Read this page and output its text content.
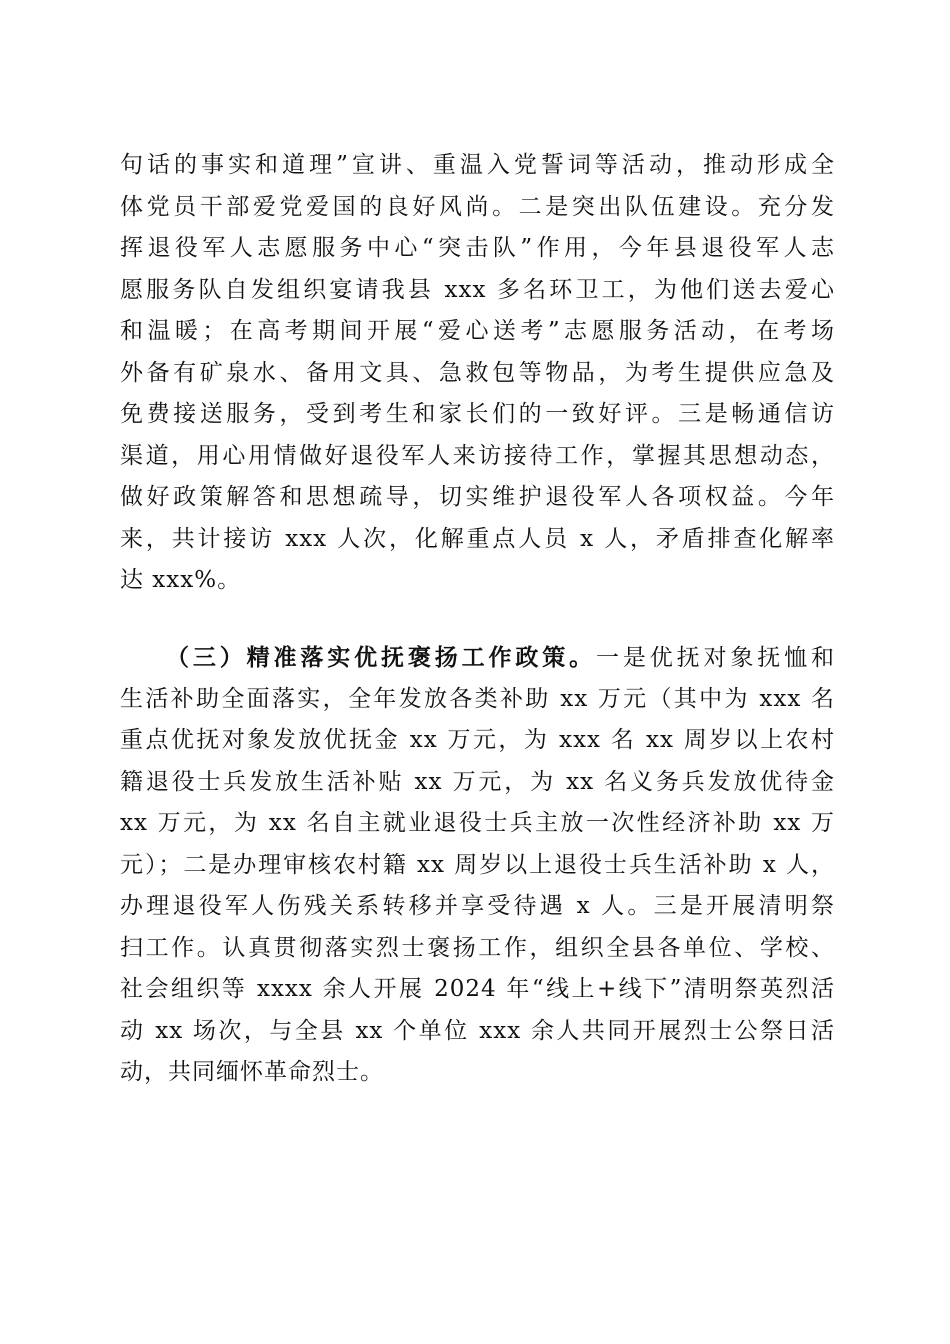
句话的事实和道理”宣讲、重温入党誓词等活动，推动形成全
体党员干部爱党爱国的良好风尚。二是突出队伍建设。充分发
挥退役军人志愿服务中心“突击队”作用，今年县退役军人志
愿服务队自发组织宴请我县 xxx 多名环卫工，为他们送去爱心
和温暖；在高考期间开展“爱心送考”志愿服务活动，在考场
外备有矿泉水、备用文具、急救包等物品，为考生提供应急及
免费接送服务，受到考生和家长们的一致好评。三是畅通信访
渠道，用心用情做好退役军人来访接待工作，掌握其思想动态，
做好政策解答和思想疏导，切实维护退役军人各项权益。今年
来，共计接访 xxx 人次，化解重点人员 x 人，矛盾排查化解率
达 xxx%。
（三）精准落实优抚褒扬工作政策。一是优抚对象抚恤和
生活补助全面落实，全年发放各类补助 xx 万元（其中为 xxx 名
重点优抚对象发放优抚金 xx 万元，为 xxx 名 xx 周岁以上农村
籍退役士兵发放生活补贴 xx 万元，为 xx 名义务兵发放优待金
xx 万元，为 xx 名自主就业退役士兵主放一次性经济补助 xx 万
元）；二是办理审核农村籍 xx 周岁以上退役士兵生活补助 x 人，
办理退役军人伤残关系转移并享受待遇 x 人。三是开展清明祭
扫工作。认真贯彻落实烈士褒扬工作，组织全县各单位、学校、
社会组织等 xxxx 余人开展 2024 年“线上+线下”清明祭英烈活
动 xx 场次，与全县 xx 个单位 xxx 余人共同开展烈士公祭日活
动，共同缅怀革命烈士。
